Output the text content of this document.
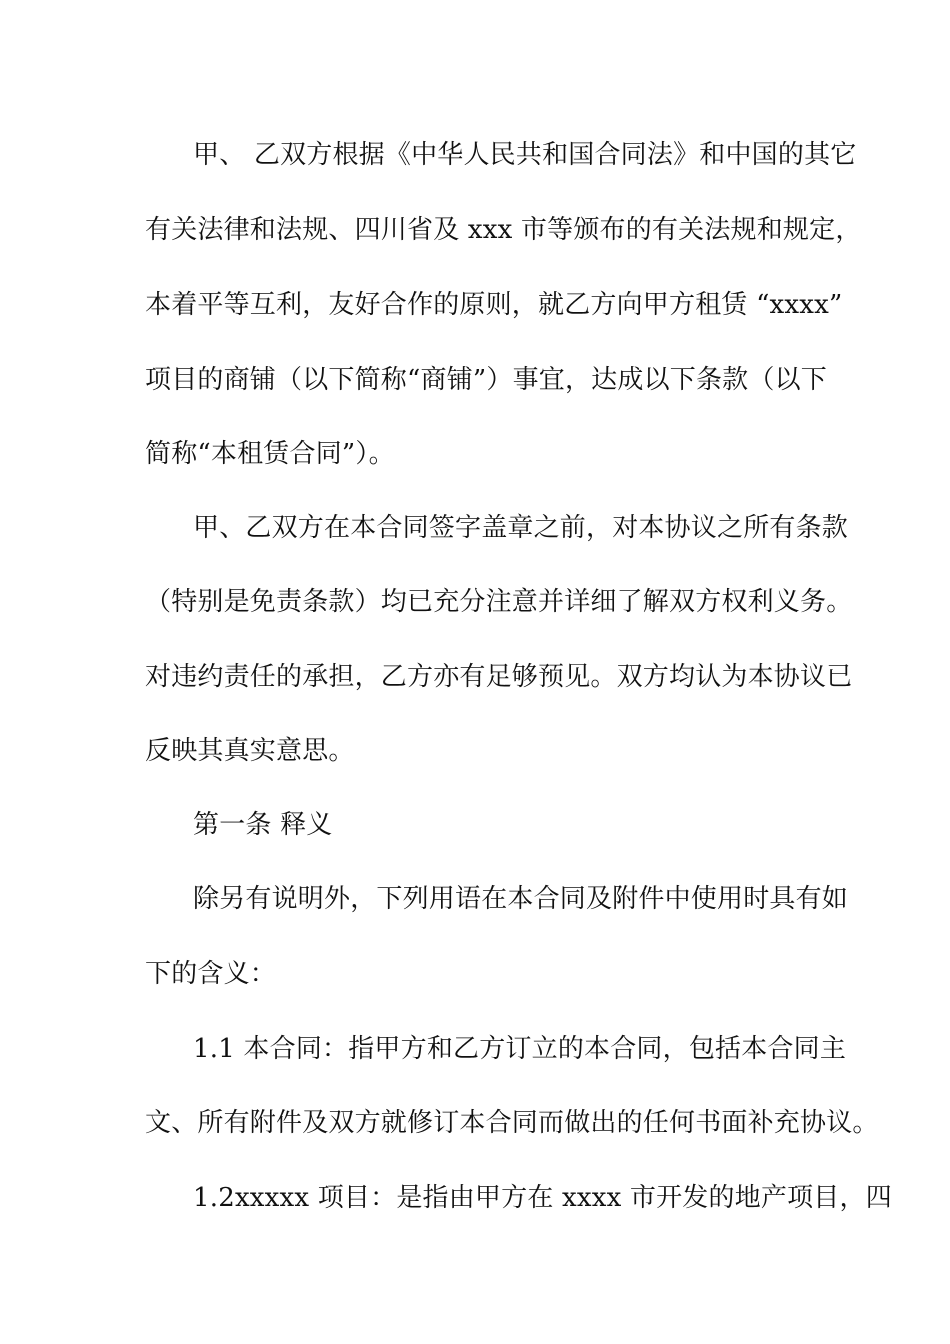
甲、 乙双方根据《中华人民共和国合同法》和中国的其它
有关法律和法规、四川省及 xxx 市等颁布的有关法规和规定，
本着平等互利，友好合作的原则，就乙方向甲方租赁 “xxxx”
项目的商铺（以下简称“商铺”）事宜，达成以下条款（以下
简称“本租赁合同”）。
甲、乙双方在本合同签字盖章之前，对本协议之所有条款
（特别是免责条款）均已充分注意并详细了解双方权利义务。
对违约责任的承担，乙方亦有足够预见。双方均认为本协议已
反映其真实意思。
第一条 释义
除另有说明外，下列用语在本合同及附件中使用时具有如
下的含义：
1.1 本合同：指甲方和乙方订立的本合同，包括本合同主
文、所有附件及双方就修订本合同而做出的任何书面补充协议。
1.2xxxxx 项目：是指由甲方在 xxxx 市开发的地产项目，四
